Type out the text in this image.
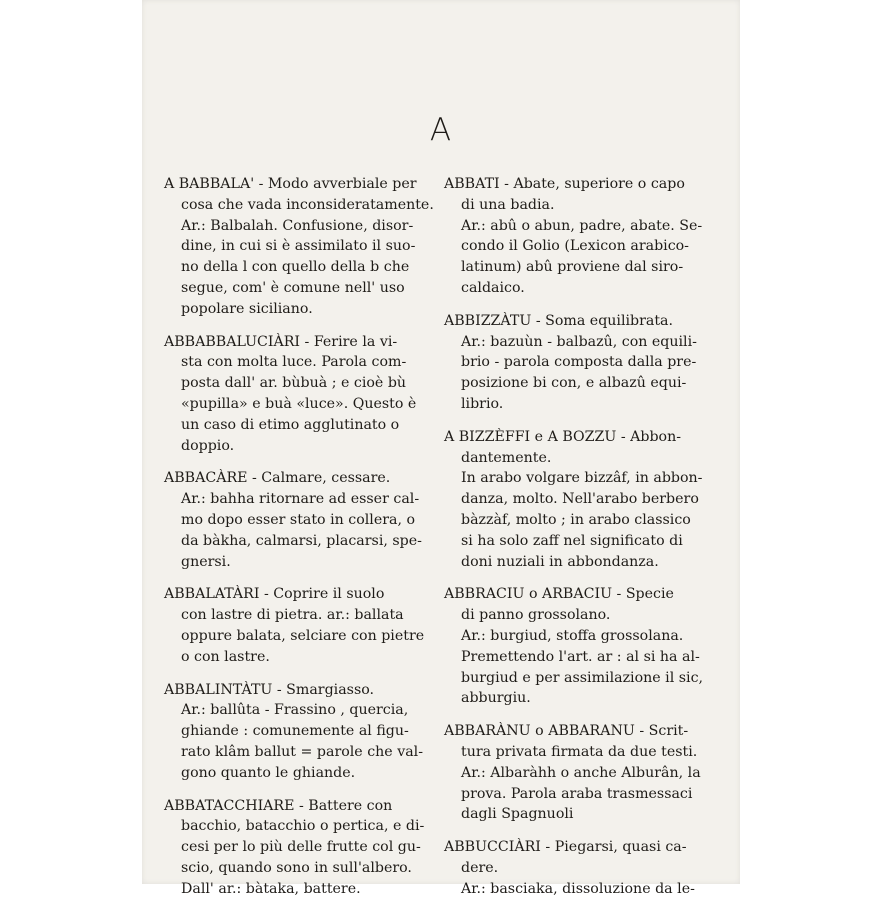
A

A BABBALA' - Modo avverbiale per

cosa che vada inconsideratamente.

Ar.: Balbalah. Confusione, disor-

dine, in cui si è assimilato il suo-

no della l con quello della b che

segue, com' è comune nell' uso

popolare siciliano.

ABBABBALUCIÀRI - Ferire la vi-

sta con molta luce. Parola com-

posta dall' ar. bùbuà ; e cioè bù

«pupilla» e buà «luce». Questo è

un caso di etimo agglutinato o

doppio.

ABBACÀRE - Calmare, cessare.

Ar.: bahha ritornare ad esser cal-

mo dopo esser stato in collera, o

da bàkha, calmarsi, placarsi, spe-

gnersi.

ABBALATÀRI - Coprire il suolo

con lastre di pietra. ar.: ballata

oppure balata, selciare con pietre

o con lastre.

ABBALINTÀTU - Smargiasso.

Ar.: ballûta - Frassino , quercia,

ghiande : comunemente al figu-

rato klâm ballut = parole che val-

gono quanto le ghiande.

ABBATACCHIARE - Battere con

bacchio, batacchio o pertica, e di-

cesi per lo più delle frutte col gu-

scio, quando sono in sull'albero.

Dall' ar.: bàtaka, battere.

ABBATI - Abate, superiore o capo

di una badia.

Ar.: abû o abun, padre, abate. Se-

condo il Golio (Lexicon arabico-

latinum) abû proviene dal siro-

caldaico.

ABBIZZÀTU - Soma equilibrata.

Ar.: bazuùn - balbazû, con equili-

brio - parola composta dalla pre-

posizione bi con, e albazû equi-

librio.

A BIZZÈFFI e A BOZZU - Abbon-

dantemente.

In arabo volgare bizzâf, in abbon-

danza, molto. Nell'arabo berbero

bàzzàf, molto ; in arabo classico

si ha solo zaff nel significato di

doni nuziali in abbondanza.

ABBRACIU o ARBACIU - Specie

di panno grossolano.

Ar.: burgiud, stoffa grossolana.

Premettendo l'art. ar : al si ha al-

burgiud e per assimilazione il sic,

abburgiu.

ABBARÀNU o ABBARANU - Scrit-

tura privata firmata da due testi.

Ar.: Albaràhh o anche Alburân, la

prova. Parola araba trasmessaci

dagli Spagnuoli

ABBUCCIÀRI - Piegarsi, quasi ca-

dere.

Ar.: basciaka, dissoluzione da le-
